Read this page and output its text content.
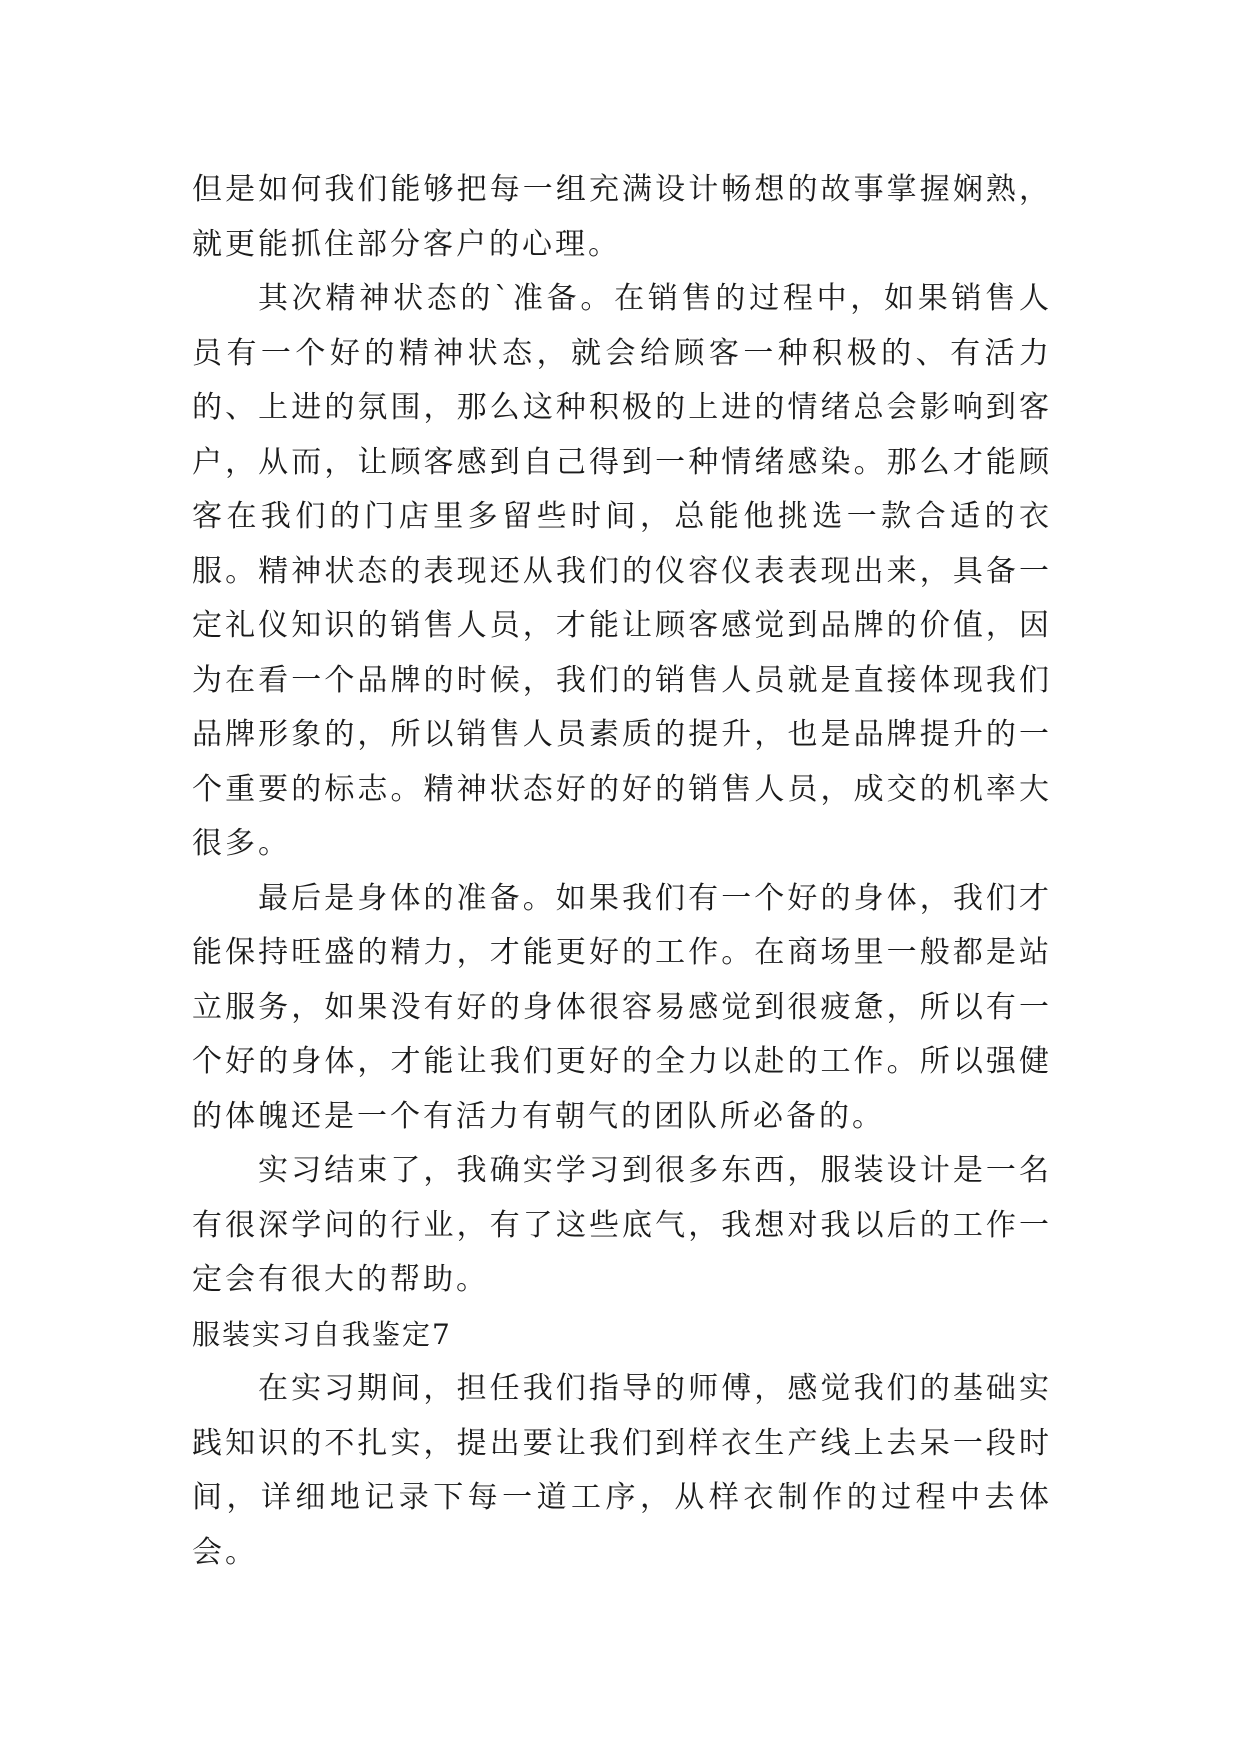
但是如何我们能够把每一组充满设计畅想的故事掌握娴熟，就更能抓住部分客户的心理。

其次精神状态的`准备。在销售的过程中，如果销售人员有一个好的精神状态，就会给顾客一种积极的、有活力的、上进的氛围，那么这种积极的上进的情绪总会影响到客户，从而，让顾客感到自己得到一种情绪感染。那么才能顾客在我们的门店里多留些时间，总能他挑选一款合适的衣服。精神状态的表现还从我们的仪容仪表表现出来，具备一定礼仪知识的销售人员，才能让顾客感觉到品牌的价值，因为在看一个品牌的时候，我们的销售人员就是直接体现我们品牌形象的，所以销售人员素质的提升，也是品牌提升的一个重要的标志。精神状态好的好的销售人员，成交的机率大很多。

最后是身体的准备。如果我们有一个好的身体，我们才能保持旺盛的精力，才能更好的工作。在商场里一般都是站立服务，如果没有好的身体很容易感觉到很疲惫，所以有一个好的身体，才能让我们更好的全力以赴的工作。所以强健的体魄还是一个有活力有朝气的团队所必备的。

实习结束了，我确实学习到很多东西，服装设计是一名有很深学问的行业，有了这些底气，我想对我以后的工作一定会有很大的帮助。

服装实习自我鉴定7

在实习期间，担任我们指导的师傅，感觉我们的基础实践知识的不扎实，提出要让我们到样衣生产线上去呆一段时间，详细地记录下每一道工序，从样衣制作的过程中去体会。
